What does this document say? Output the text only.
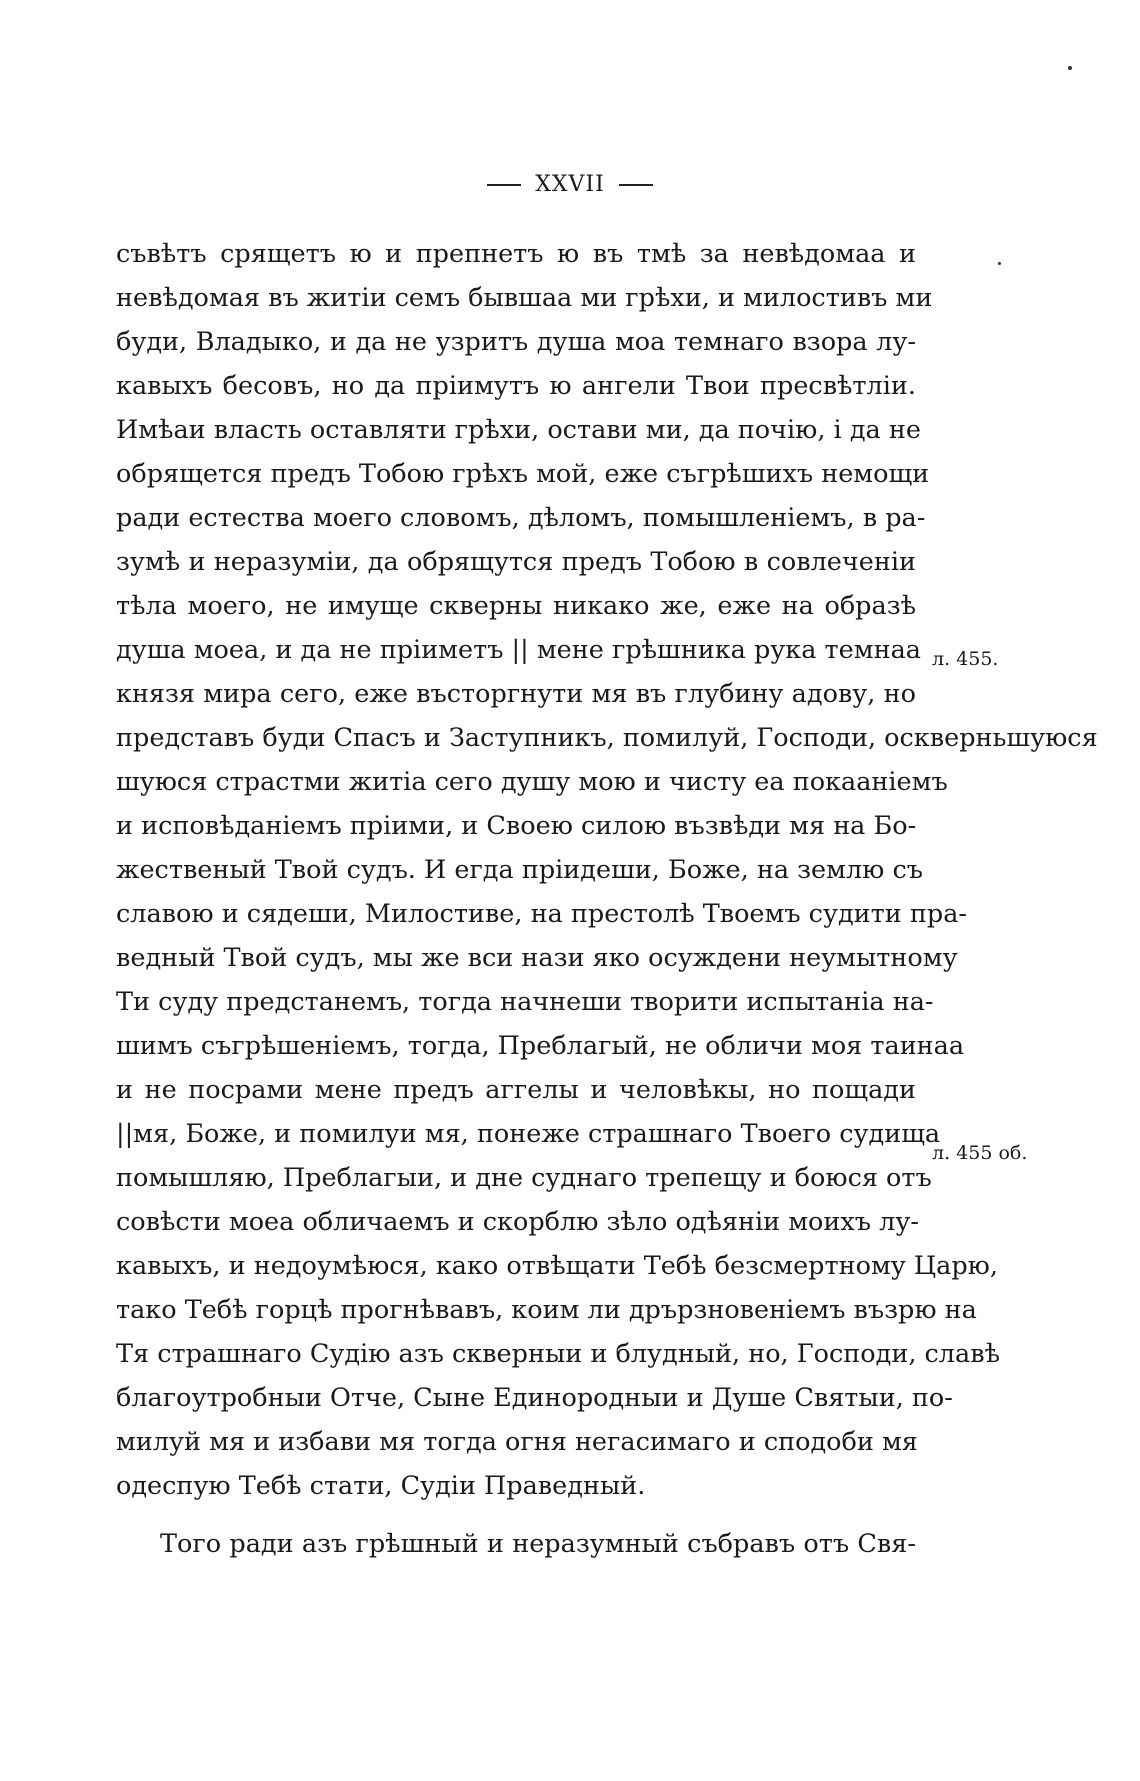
XXVII
съвѣтъ срящетъ ю и препнетъ ю въ тмѣ за невѣдомаа и
невѣдомая въ житіи семъ бывшаа ми грѣхи, и милостивъ ми
буди, Владыко, и да не узритъ душа моа темнаго взора лу-
кавыхъ бесовъ, но да пріимутъ ю ангели Твои пресвѣтліи.
Имѣаи власть оставляти грѣхи, остави ми, да почію, і да не
обрящется предъ Тобою грѣхъ мой, еже съгрѣшихъ немощи
ради естества моего словомъ, дѣломъ, помышленіемъ, в ра-
зумѣ и неразуміи, да обрящутся предъ Тобою в совлеченіи
тѣла моего, не имуще скверны никако же, еже на образѣ
душа моеа, и да не пріиметъ || мене грѣшника рука темнаа
князя мира сего, еже въсторгнути мя въ глубину адову, но
представъ буди Спасъ и Заступникъ, помилуй, Господи, оскверньшуюся
шуюся страстми житіа сего душу мою и чисту еа покааніемъ
и исповѣданіемъ пріими, и Своею силою възвѣди мя на Бо-
жественый Твой судъ. И егда пріидеши, Боже, на землю съ
славою и сядеши, Милостиве, на престолѣ Твоемъ судити пра-
ведный Твой судъ, мы же вси нази яко осуждени неумытному
Ти суду предстанемъ, тогда начнеши творити испытаніа на-
шимъ съгрѣшеніемъ, тогда, Преблагый, не обличи моя таинаа
и не посрами мене предъ аггелы и человѣкы, но пощади
||мя, Боже, и помилуи мя, понеже страшнаго Твоего судища
помышляю, Преблагыи, и дне суднаго трепещу и боюся отъ
совѣсти моеа обличаемъ и скорблю зѣло одѣяніи моихъ лу-
кавыхъ, и недоумѣюся, како отвѣщати Тебѣ безсмертному Царю,
тако Тебѣ горцѣ прогнѣвавъ, коим ли дрързновеніемъ възрю на
Тя страшнаго Судію азъ скверныи и блудный, но, Господи, славѣ
благоутробныи Отче, Сыне Единородныи и Душе Святыи, по-
милуй мя и избави мя тогда огня негасимаго и сподоби мя
одеспую Тебѣ стати, Судіи Праведный.
Того ради азъ грѣшный и неразумный събравъ отъ Свя-
л. 455.
л. 455 об.
